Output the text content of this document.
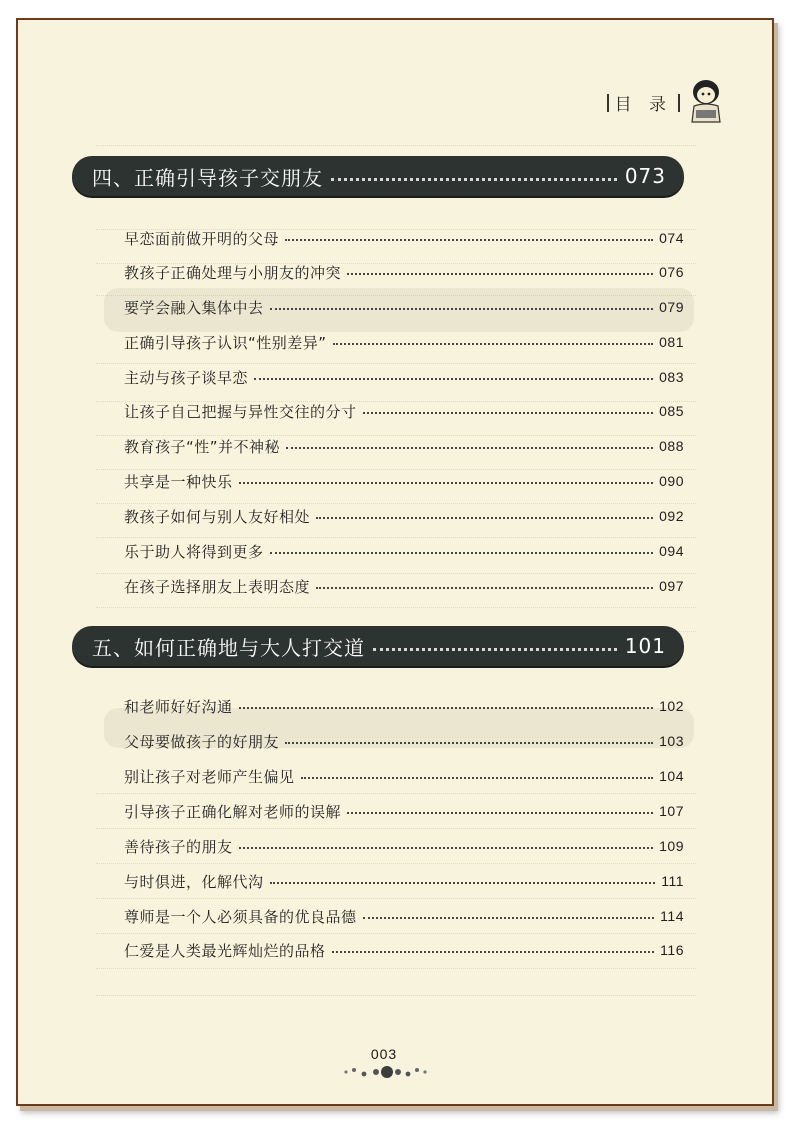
目 录
四、正确引导孩子交朋友	073
早恋面前做开明的父母	074
教孩子正确处理与小朋友的冲突	076
要学会融入集体中去	079
正确引导孩子认识“性别差异”	081
主动与孩子谈早恋	083
让孩子自己把握与异性交往的分寸	085
教育孩子“性”并不神秘	088
共享是一种快乐	090
教孩子如何与别人友好相处	092
乐于助人将得到更多	094
在孩子选择朋友上表明态度	097
五、如何正确地与大人打交道	101
和老师好好沟通	102
父母要做孩子的好朋友	103
别让孩子对老师产生偏见	104
引导孩子正确化解对老师的误解	107
善待孩子的朋友	109
与时俱进，化解代沟	111
尊师是一个人必须具备的优良品德	114
仁爱是人类最光辉灿烂的品格	116
003
